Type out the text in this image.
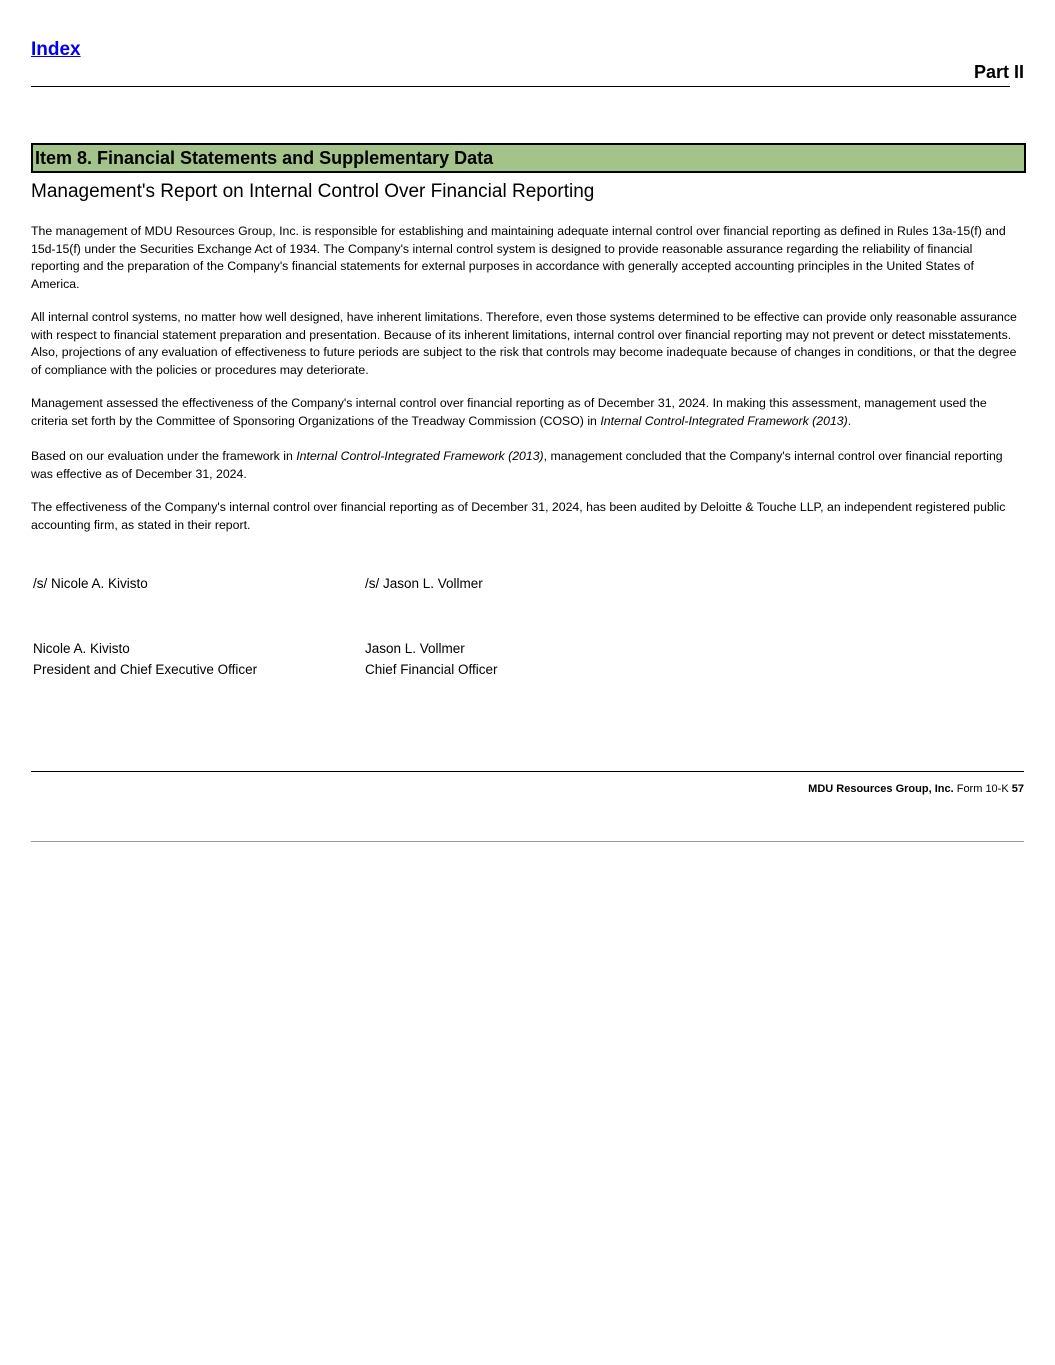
Index
Part II
Item 8. Financial Statements and Supplementary Data
Management's Report on Internal Control Over Financial Reporting

The management of MDU Resources Group, Inc. is responsible for establishing and maintaining adequate internal control over financial reporting as defined in Rules 13a-15(f) and 15d-15(f) under the Securities Exchange Act of 1934. The Company's internal control system is designed to provide reasonable assurance regarding the reliability of financial reporting and the preparation of the Company's financial statements for external purposes in accordance with generally accepted accounting principles in the United States of America.

All internal control systems, no matter how well designed, have inherent limitations. Therefore, even those systems determined to be effective can provide only reasonable assurance with respect to financial statement preparation and presentation. Because of its inherent limitations, internal control over financial reporting may not prevent or detect misstatements. Also, projections of any evaluation of effectiveness to future periods are subject to the risk that controls may become inadequate because of changes in conditions, or that the degree of compliance with the policies or procedures may deteriorate.

Management assessed the effectiveness of the Company's internal control over financial reporting as of December 31, 2024. In making this assessment, management used the criteria set forth by the Committee of Sponsoring Organizations of the Treadway Commission (COSO) in Internal Control-Integrated Framework (2013).

Based on our evaluation under the framework in Internal Control-Integrated Framework (2013), management concluded that the Company's internal control over financial reporting was effective as of December 31, 2024.

The effectiveness of the Company's internal control over financial reporting as of December 31, 2024, has been audited by Deloitte & Touche LLP, an independent registered public accounting firm, as stated in their report.

/s/ Nicole A. Kivisto	/s/ Jason L. Vollmer
Nicole A. Kivisto
President and Chief Executive Officer
Jason L. Vollmer
Chief Financial Officer
MDU Resources Group, Inc. Form 10-K 57
